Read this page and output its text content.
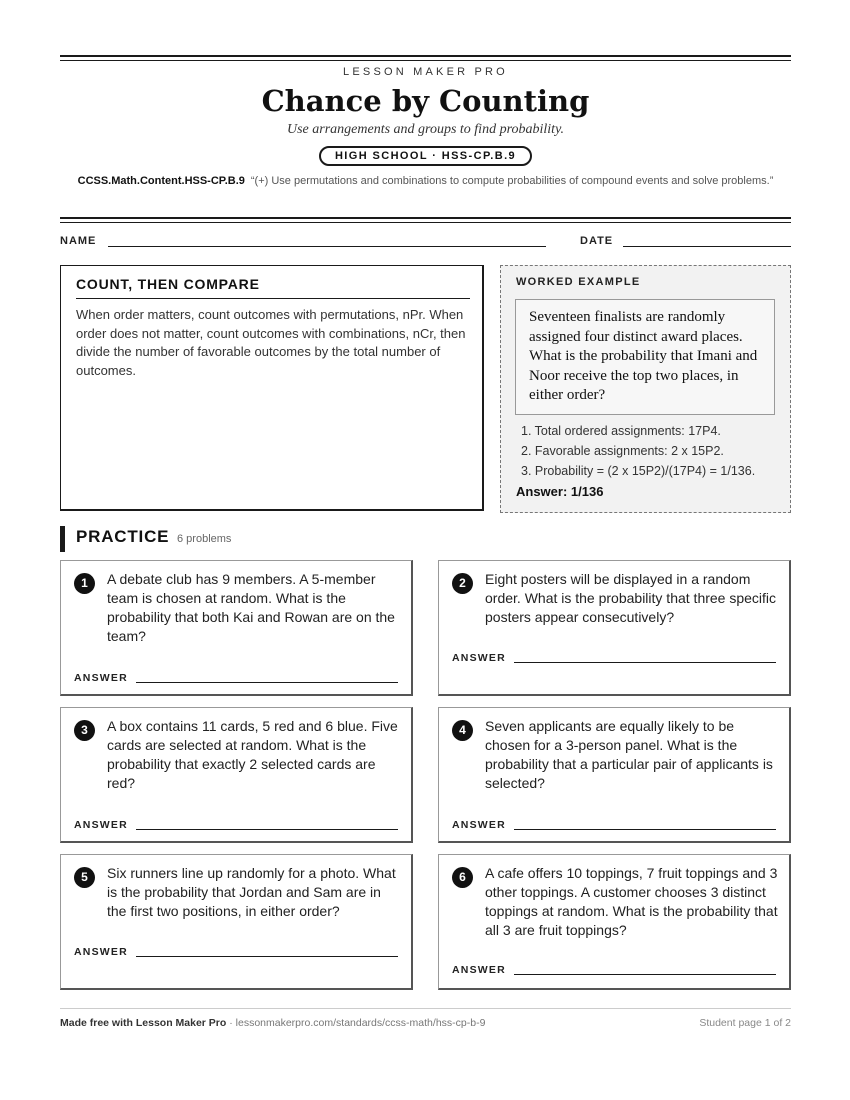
LESSON MAKER PRO
Chance by Counting
Use arrangements and groups to find probability.
HIGH SCHOOL · HSS-CP.B.9
CCSS.Math.Content.HSS-CP.B.9 “(+) Use permutations and combinations to compute probabilities of compound events and solve problems.”
NAME	DATE
COUNT, THEN COMPARE

When order matters, count outcomes with permutations, nPr. When order does not matter, count outcomes with combinations, nCr, then divide the number of favorable outcomes by the total number of outcomes.

WORKED EXAMPLE
Seventeen finalists are randomly assigned four distinct award places. What is the probability that Imani and Noor receive the top two places, in either order?
1. Total ordered assignments: 17P4.
2. Favorable assignments: 2 x 15P2.
3. Probability = (2 x 15P2)/(17P4) = 1/136.
Answer: 1/136
PRACTICE 6 problems
1	A debate club has 9 members. A 5-member team is chosen at random. What is the probability that both Kai and Rowan are on the team?
ANSWER
2	Eight posters will be displayed in a random order. What is the probability that three specific posters appear consecutively?
ANSWER
3	A box contains 11 cards, 5 red and 6 blue. Five cards are selected at random. What is the probability that exactly 2 selected cards are red?
ANSWER
4	Seven applicants are equally likely to be chosen for a 3-person panel. What is the probability that a particular pair of applicants is selected?
ANSWER
5	Six runners line up randomly for a photo. What is the probability that Jordan and Sam are in the first two positions, in either order?
ANSWER
6	A cafe offers 10 toppings, 7 fruit toppings and 3 other toppings. A customer chooses 3 distinct toppings at random. What is the probability that all 3 are fruit toppings?
ANSWER
Made free with Lesson Maker Pro · lessonmakerpro.com/standards/ccss-math/hss-cp-b-9	Student page 1 of 2
